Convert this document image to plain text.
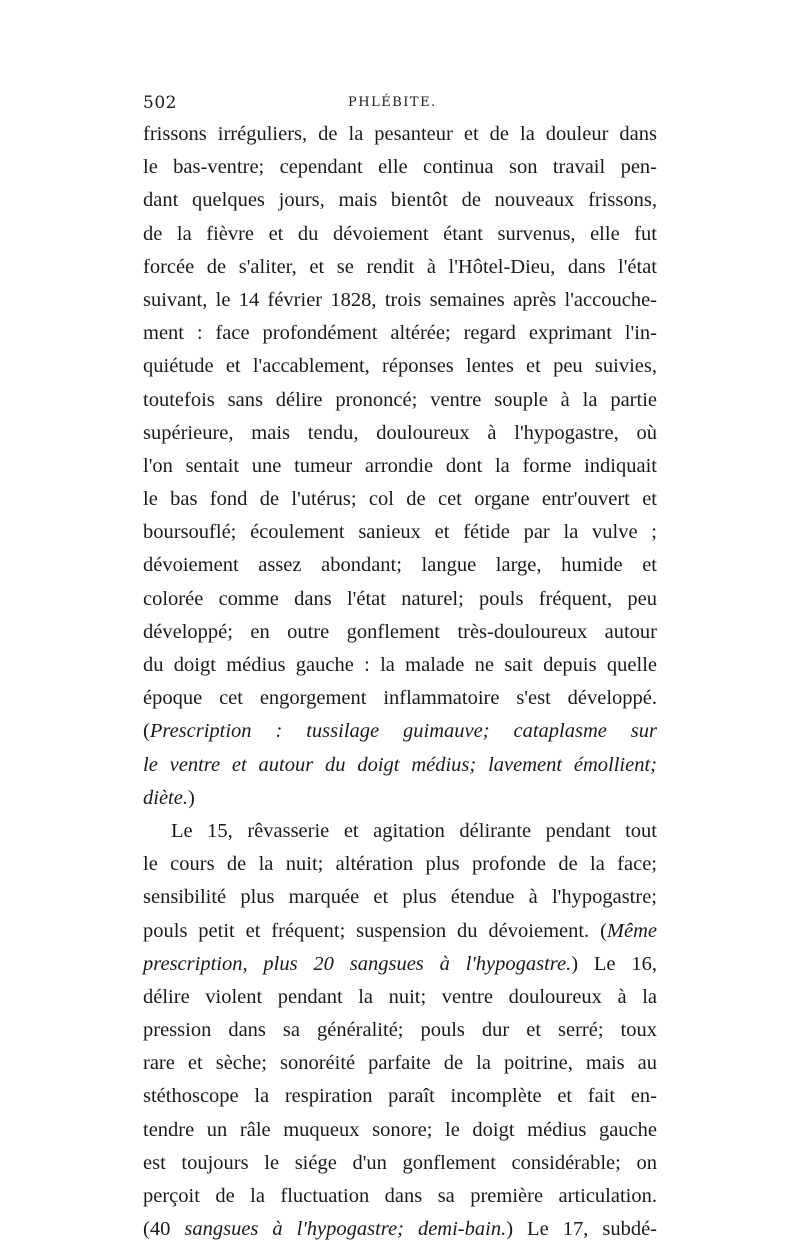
502	PHLÉBITE.
frissons irréguliers, de la pesanteur et de la douleur dans
le bas-ventre; cependant elle continua son travail pen-
dant quelques jours, mais bientôt de nouveaux frissons,
de la fièvre et du dévoiement étant survenus, elle fut
forcée de s'aliter, et se rendit à l'Hôtel-Dieu, dans l'état
suivant, le 14 février 1828, trois semaines après l'accouche-
ment : face profondément altérée; regard exprimant l'in-
quiétude et l'accablement, réponses lentes et peu suivies,
toutefois sans délire prononcé; ventre souple à la partie
supérieure, mais tendu, douloureux à l'hypogastre, où
l'on sentait une tumeur arrondie dont la forme indiquait
le bas fond de l'utérus; col de cet organe entr'ouvert et
boursouflé; écoulement sanieux et fétide par la vulve ;
dévoiement assez abondant; langue large, humide et
colorée comme dans l'état naturel; pouls fréquent, peu
développé; en outre gonflement très-douloureux autour
du doigt médius gauche : la malade ne sait depuis quelle
époque cet engorgement inflammatoire s'est développé.
(Prescription : tussilage guimauve; cataplasme sur
le ventre et autour du doigt médius; lavement émollient;
diète.)
Le 15, rêvasserie et agitation délirante pendant tout
le cours de la nuit; altération plus profonde de la face;
sensibilité plus marquée et plus étendue à l'hypogastre;
pouls petit et fréquent; suspension du dévoiement. (Même
prescription, plus 20 sangsues à l'hypogastre.) Le 16,
délire violent pendant la nuit; ventre douloureux à la
pression dans sa généralité; pouls dur et serré; toux
rare et sèche; sonoréité parfaite de la poitrine, mais au
stéthoscope la respiration paraît incomplète et fait en-
tendre un râle muqueux sonore; le doigt médius gauche
est toujours le siége d'un gonflement considérable; on
perçoit de la fluctuation dans sa première articulation.
(40 sangsues à l'hypogastre; demi-bain.) Le 17, subdé-
